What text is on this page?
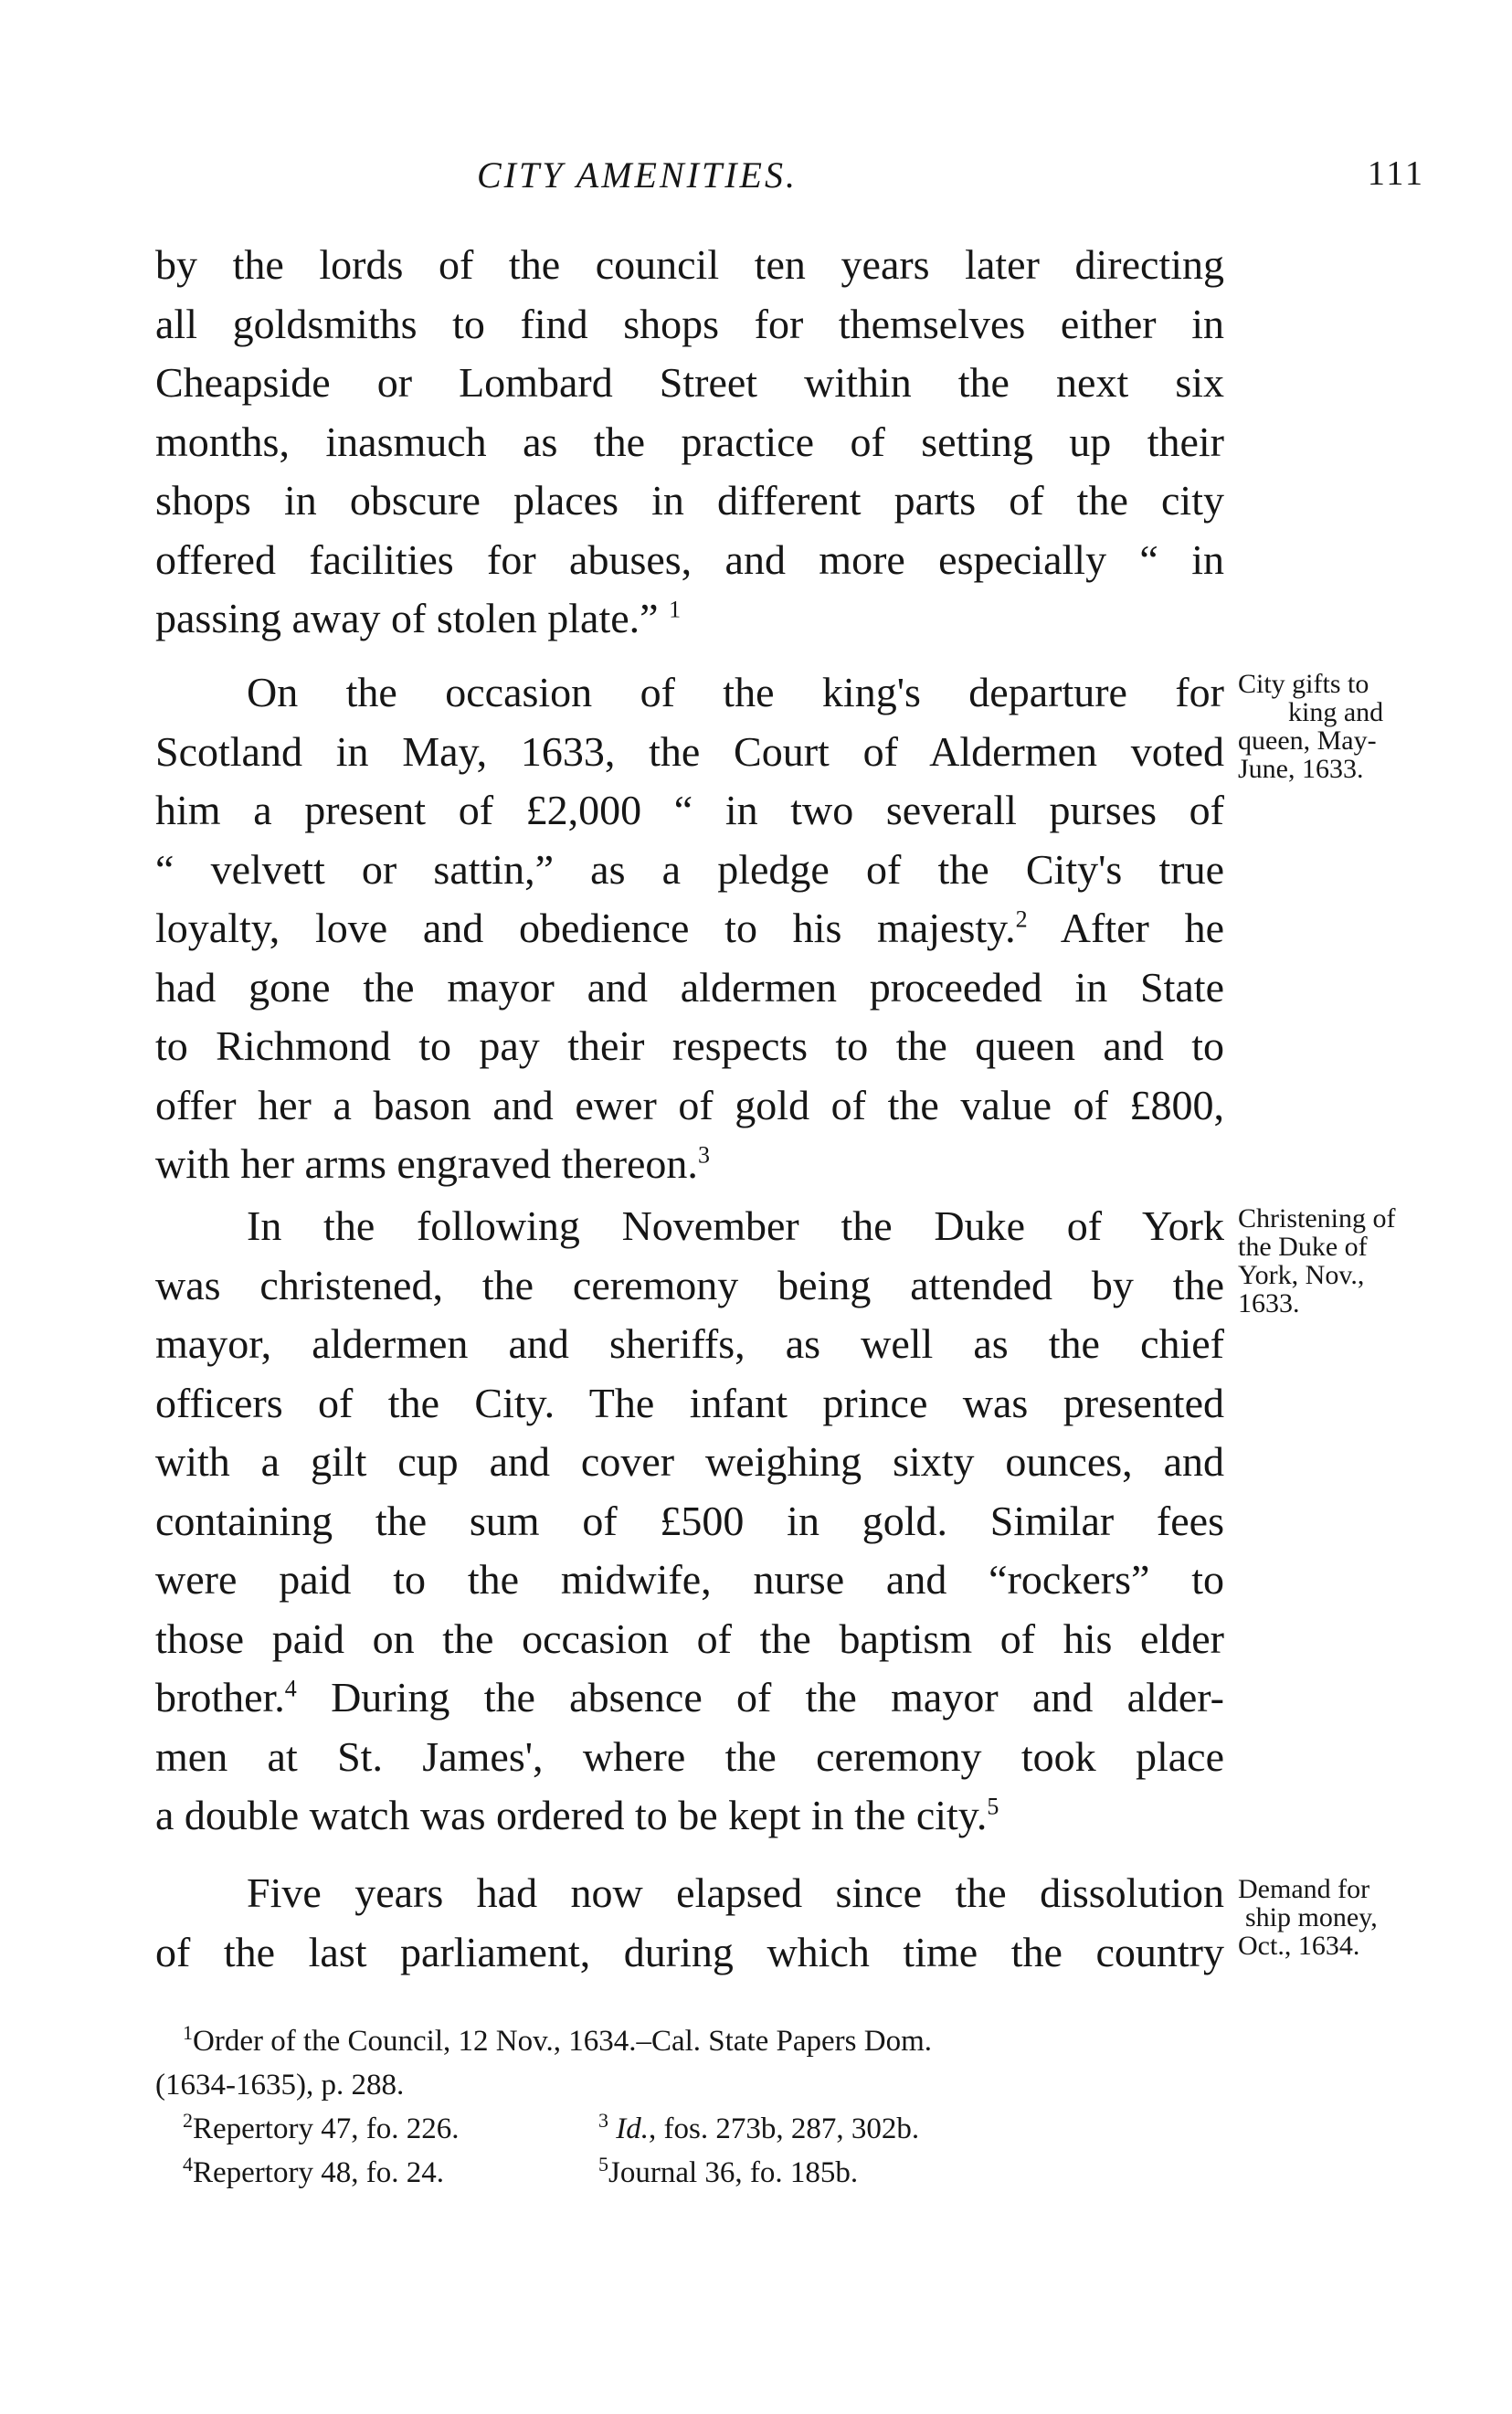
CITY AMENITIES.	111

by the lords of the council ten years later directing
all goldsmiths to find shops for themselves either in
Cheapside or Lombard Street within the next six
months, inasmuch as the practice of setting up their
shops in obscure places in different parts of the city
offered facilities for abuses, and more especially “ in
passing away of stolen plate.” $^1$

On the occasion of the king's departure for
Scotland in May, 1633, the Court of Aldermen voted
him a present of £2,000 “ in two severall purses of
“ velvett or sattin,” as a pledge of the City's true
loyalty, love and obedience to his majesty.$^2$ After he
had gone the mayor and aldermen proceeded in State
to Richmond to pay their respects to the queen and to
offer her a bason and ewer of gold of the value of £800,
with her arms engraved thereon.$^3$

In the following November the Duke of York
was christened, the ceremony being attended by the
mayor, aldermen and sheriffs, as well as the chief
officers of the City. The infant prince was presented
with a gilt cup and cover weighing sixty ounces, and
containing the sum of £500 in gold. Similar fees
were paid to the midwife, nurse and “rockers” to
those paid on the occasion of the baptism of his elder
brother.$^4$ During the absence of the mayor and alder-
men at St. James', where the ceremony took place
a double watch was ordered to be kept in the city.$^5$

Five years had now elapsed since the dissolution
of the last parliament, during which time the country

City gifts to
king and
queen, May-
June, 1633.
Christening of
the Duke of
York, Nov.,
1633.
Demand for
ship money,
Oct., 1634.
$^1$Order of the Council, 12 Nov., 1634.–Cal. State Papers Dom.
(1634-1635), p. 288.
$^2$Repertory 47, fo. 226.	$^3$ Id., fos. 273b, 287, 302b.
$^4$Repertory 48, fo. 24.	$^5$Journal 36, fo. 185b.
